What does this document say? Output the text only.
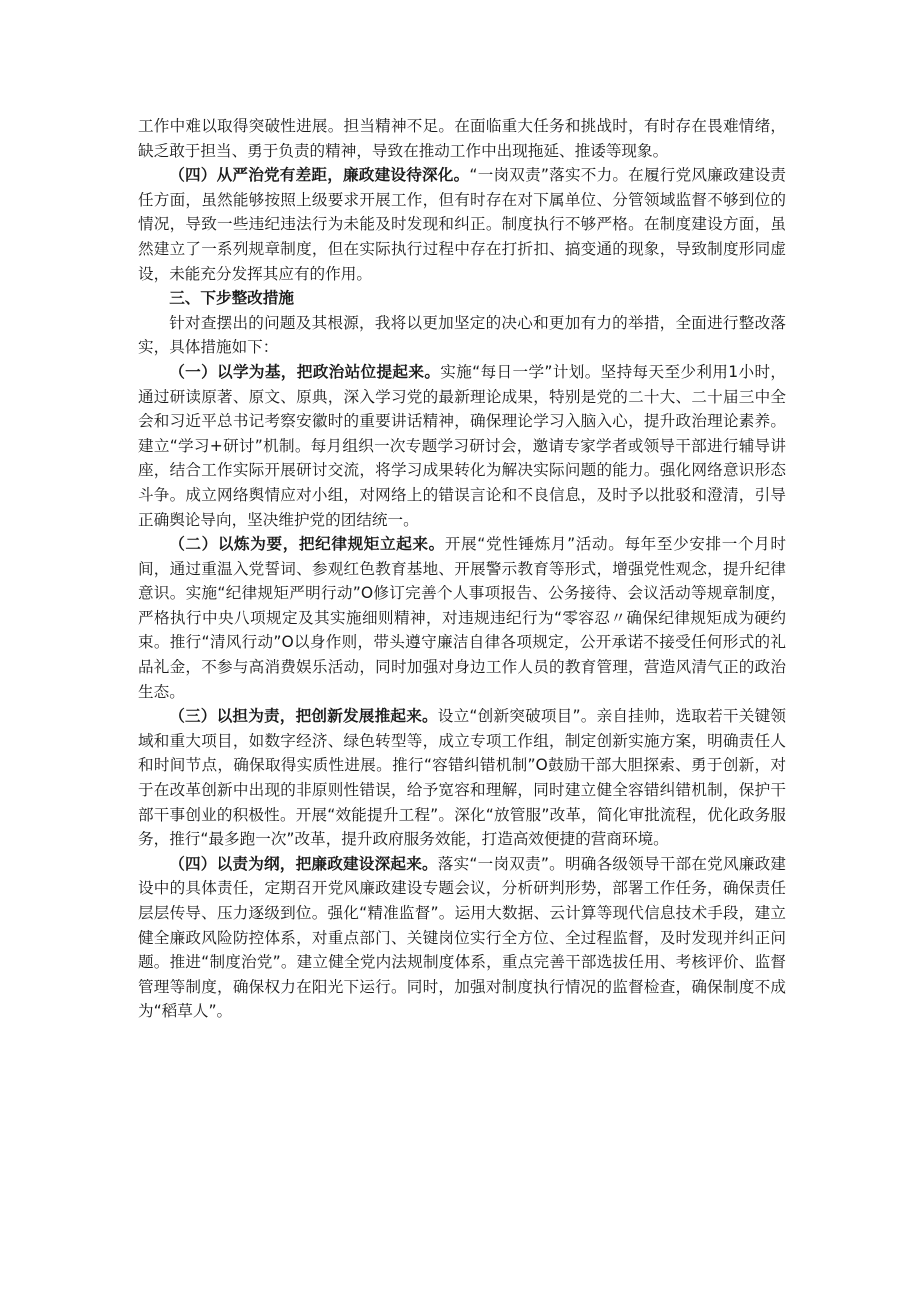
工作中难以取得突破性进展。担当精神不足。在面临重大任务和挑战时，有时存在畏难情绪，缺乏敢于担当、勇于负责的精神，导致在推动工作中出现拖延、推诿等现象。

（四）从严治党有差距，廉政建设待深化。“一岗双责”落实不力。在履行党风廉政建设责任方面，虽然能够按照上级要求开展工作，但有时存在对下属单位、分管领域监督不够到位的情况，导致一些违纪违法行为未能及时发现和纠正。制度执行不够严格。在制度建设方面，虽然建立了一系列规章制度，但在实际执行过程中存在打折扣、搞变通的现象，导致制度形同虚设，未能充分发挥其应有的作用。

三、下步整改措施

针对查摆出的问题及其根源，我将以更加坚定的决心和更加有力的举措，全面进行整改落实，具体措施如下：

（一）以学为基，把政治站位提起来。实施“每日一学”计划。坚持每天至少利用1小时，通过研读原著、原文、原典，深入学习党的最新理论成果，特别是党的二十大、二十届三中全会和习近平总书记考察安徽时的重要讲话精神，确保理论学习入脑入心，提升政治理论素养。建立“学习+研讨”机制。每月组织一次专题学习研讨会，邀请专家学者或领导干部进行辅导讲座，结合工作实际开展研讨交流，将学习成果转化为解决实际问题的能力。强化网络意识形态斗争。成立网络舆情应对小组，对网络上的错误言论和不良信息，及时予以批驳和澄清，引导正确舆论导向，坚决维护党的团结统一。

（二）以炼为要，把纪律规矩立起来。开展“党性锤炼月”活动。每年至少安排一个月时间，通过重温入党誓词、参观红色教育基地、开展警示教育等形式，增强党性观念，提升纪律意识。实施“纪律规矩严明行动”O修订完善个人事项报告、公务接待、会议活动等规章制度，严格执行中央八项规定及其实施细则精神，对违规违纪行为“零容忍〃确保纪律规矩成为硬约束。推行“清风行动”O以身作则，带头遵守廉洁自律各项规定，公开承诺不接受任何形式的礼品礼金，不参与高消费娱乐活动，同时加强对身边工作人员的教育管理，营造风清气正的政治生态。

（三）以担为责，把创新发展推起来。设立“创新突破项目”。亲自挂帅，选取若干关键领域和重大项目，如数字经济、绿色转型等，成立专项工作组，制定创新实施方案，明确责任人和时间节点，确保取得实质性进展。推行“容错纠错机制”O鼓励干部大胆探索、勇于创新，对于在改革创新中出现的非原则性错误，给予宽容和理解，同时建立健全容错纠错机制，保护干部干事创业的积极性。开展“效能提升工程”。深化“放管服”改革，简化审批流程，优化政务服务，推行“最多跑一次”改革，提升政府服务效能，打造高效便捷的营商环境。

（四）以责为纲，把廉政建设深起来。落实“一岗双责”。明确各级领导干部在党风廉政建设中的具体责任，定期召开党风廉政建设专题会议，分析研判形势，部署工作任务，确保责任层层传导、压力逐级到位。强化“精准监督”。运用大数据、云计算等现代信息技术手段，建立健全廉政风险防控体系，对重点部门、关键岗位实行全方位、全过程监督，及时发现并纠正问题。推进“制度治党”。建立健全党内法规制度体系，重点完善干部选拔任用、考核评价、监督管理等制度，确保权力在阳光下运行。同时，加强对制度执行情况的监督检查，确保制度不成为“稻草人”。
